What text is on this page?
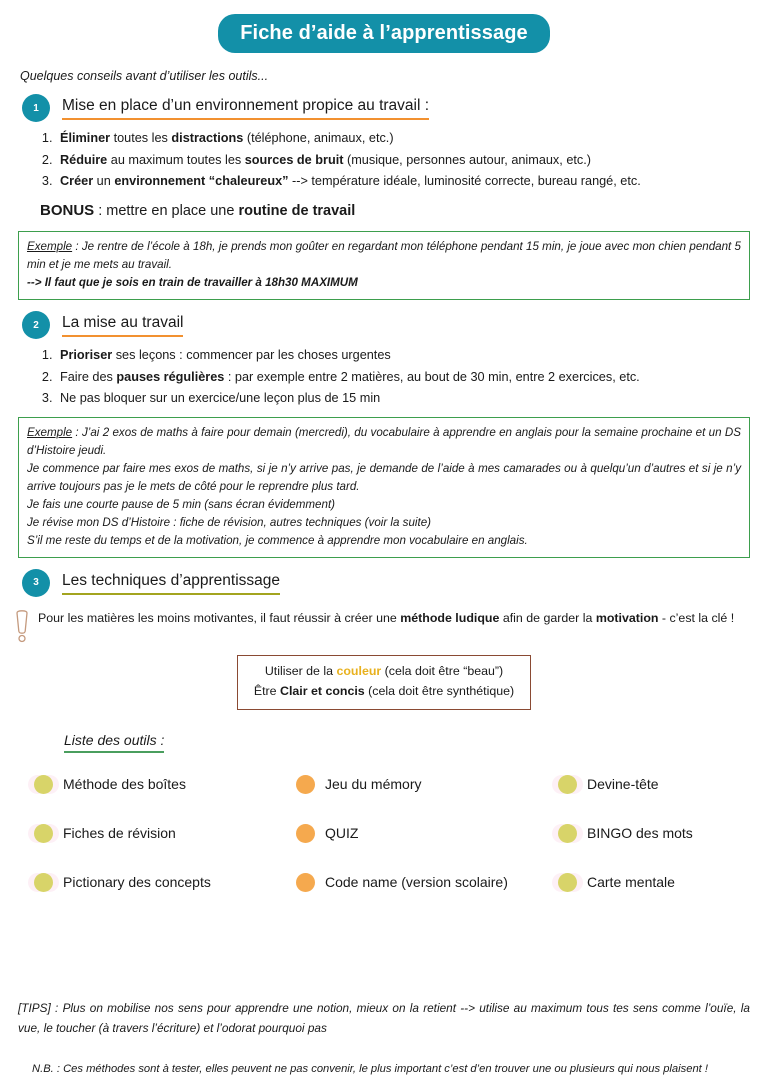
Fiche d’aide à l’apprentissage
Quelques conseils avant d’utiliser les outils...
1	Mise en place d’un environnement propice au travail :
1. Éliminer toutes les distractions (téléphone, animaux, etc.)
2. Réduire au maximum toutes les sources de bruit (musique, personnes autour, animaux, etc.)
3. Créer un environnement “chaleureux” --> température idéale, luminosité correcte, bureau rangé, etc.
BONUS : mettre en place une routine de travail
Exemple : Je rentre de l’école à 18h, je prends mon goûter en regardant mon téléphone pendant 15 min, je joue avec mon chien pendant 5 min et je me mets au travail.
--> Il faut que je sois en train de travailler à 18h30 MAXIMUM
2	La mise au travail
1. Prioriser ses leçons : commencer par les choses urgentes
2. Faire des pauses régulières : par exemple entre 2 matières, au bout de 30 min, entre 2 exercices, etc.
3. Ne pas bloquer sur un exercice/une leçon plus de 15 min
Exemple : J’ai 2 exos de maths à faire pour demain (mercredi), du vocabulaire à apprendre en anglais pour la semaine prochaine et un DS d’Histoire jeudi.
Je commence par faire mes exos de maths, si je n’y arrive pas, je demande de l’aide à mes camarades ou à quelqu’un d’autres et si je n’y arrive toujours pas je le mets de côté pour le reprendre plus tard.
Je fais une courte pause de 5 min (sans écran évidemment)
Je révise mon DS d’Histoire : fiche de révision, autres techniques (voir la suite)
S’il me reste du temps et de la motivation, je commence à apprendre mon vocabulaire en anglais.
3	Les techniques d’apprentissage
Pour les matières les moins motivantes, il faut réussir à créer une méthode ludique afin de garder la motivation - c’est la clé !
Utiliser de la couleur (cela doit être “beau”)
Être Clair et concis (cela doit être synthétique)
Liste des outils :
Méthode des boîtes	Jeu du mémory	Devine-tête
Fiches de révision	QUIZ	BINGO des mots
Pictionary des concepts	Code name (version scolaire)	Carte mentale
[TIPS] : Plus on mobilise nos sens pour apprendre une notion, mieux on la retient --> utilise au maximum tous tes sens comme l’ouïe, la vue, le toucher (à travers l’écriture) et l’odorat pourquoi pas
N.B. : Ces méthodes sont à tester, elles peuvent ne pas convenir, le plus important c’est d’en trouver une ou plusieurs qui nous plaisent !
